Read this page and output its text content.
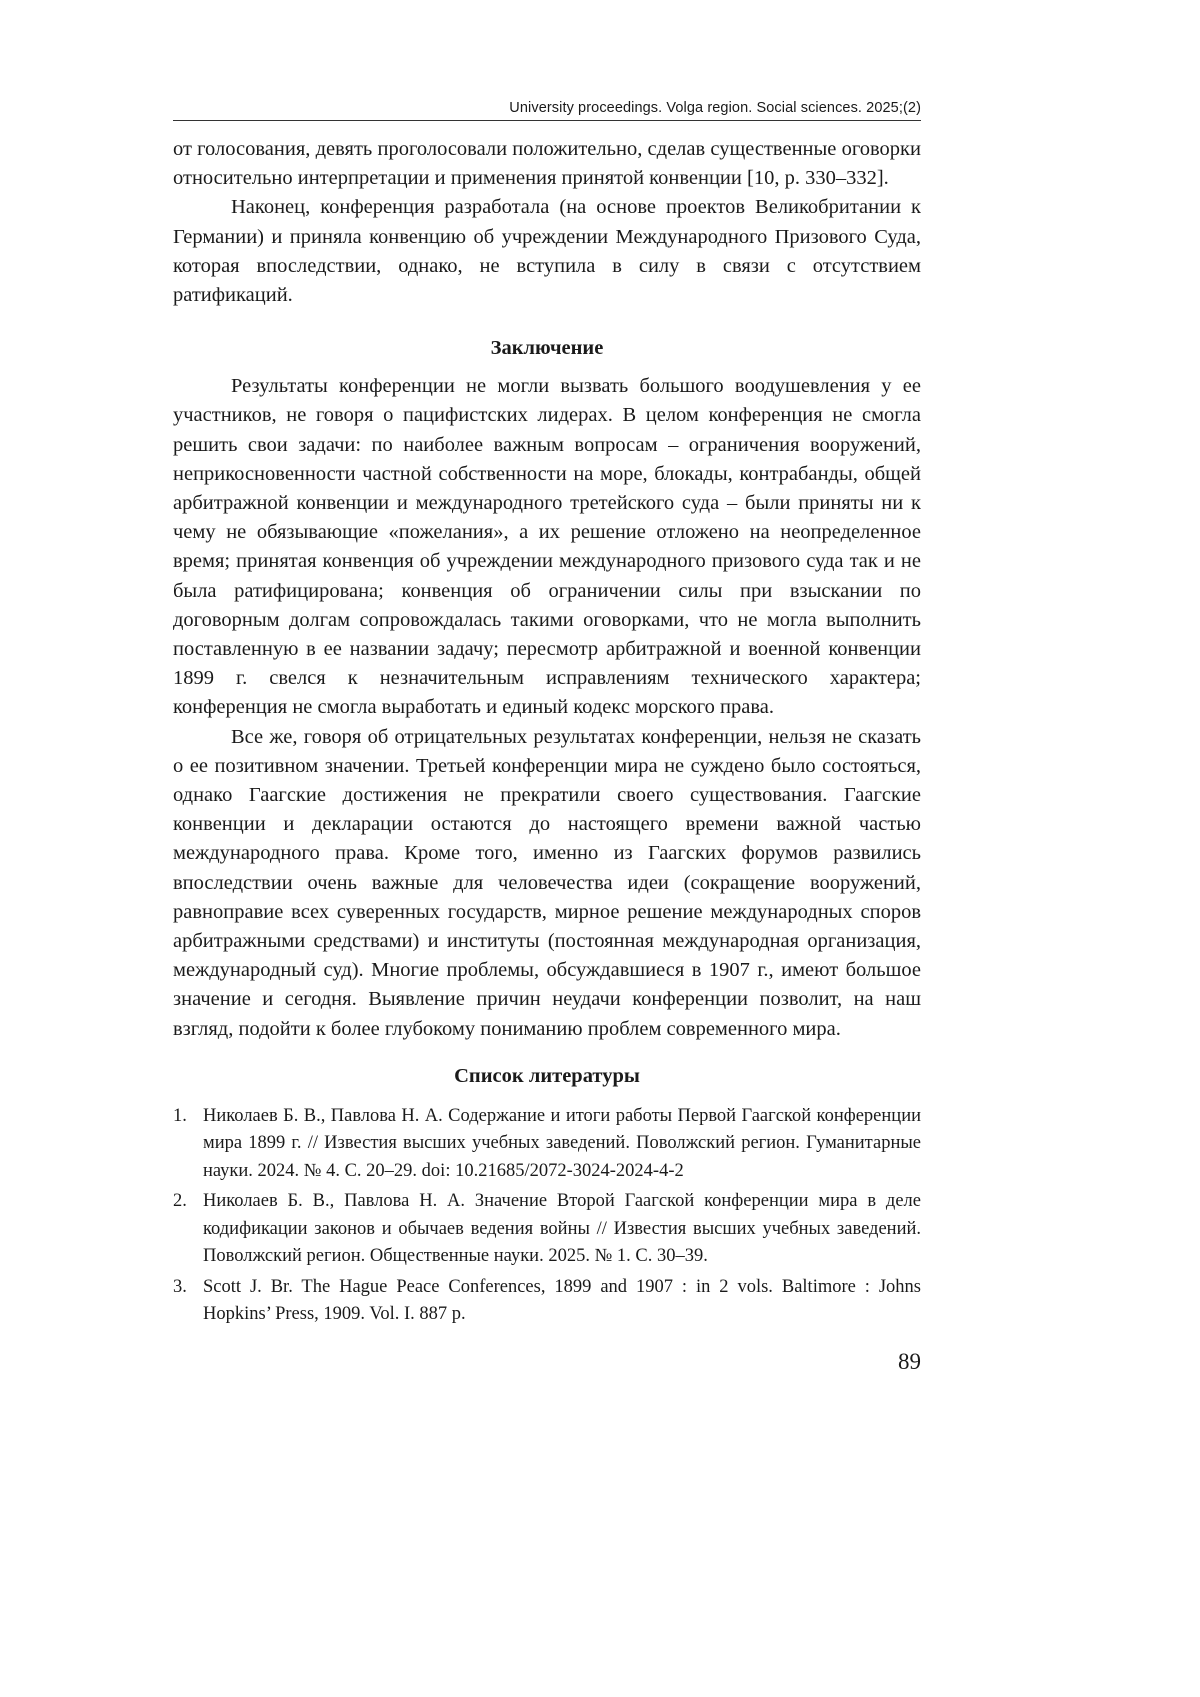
University proceedings. Volga region. Social sciences. 2025;(2)

от голосования, девять проголосовали положительно, сделав существенные оговорки относительно интерпретации и применения принятой конвенции [10, p. 330–332].

Наконец, конференция разработала (на основе проектов Великобритании к Германии) и приняла конвенцию об учреждении Международного Призового Суда, которая впоследствии, однако, не вступила в силу в связи с отсутствием ратификаций.

Заключение

Результаты конференции не могли вызвать большого воодушевления у ее участников, не говоря о пацифистских лидерах. В целом конференция не смогла решить свои задачи: по наиболее важным вопросам – ограничения вооружений, неприкосновенности частной собственности на море, блокады, контрабанды, общей арбитражной конвенции и международного третейского суда – были приняты ни к чему не обязывающие «пожелания», а их решение отложено на неопределенное время; принятая конвенция об учреждении международного призового суда так и не была ратифицирована; конвенция об ограничении силы при взыскании по договорным долгам сопровождалась такими оговорками, что не могла выполнить поставленную в ее названии задачу; пересмотр арбитражной и военной конвенции 1899 г. свелся к незначительным исправлениям технического характера; конференция не смогла выработать и единый кодекс морского права.

Все же, говоря об отрицательных результатах конференции, нельзя не сказать о ее позитивном значении. Третьей конференции мира не суждено было состояться, однако Гаагские достижения не прекратили своего существования. Гаагские конвенции и декларации остаются до настоящего времени важной частью международного права. Кроме того, именно из Гаагских форумов развились впоследствии очень важные для человечества идеи (сокращение вооружений, равноправие всех суверенных государств, мирное решение международных споров арбитражными средствами) и институты (постоянная международная организация, международный суд). Многие проблемы, обсуждавшиеся в 1907 г., имеют большое значение и сегодня. Выявление причин неудачи конференции позволит, на наш взгляд, подойти к более глубокому пониманию проблем современного мира.

Список литературы
1. Николаев Б. В., Павлова Н. А. Содержание и итоги работы Первой Гаагской конференции мира 1899 г. // Известия высших учебных заведений. Поволжский регион. Гуманитарные науки. 2024. № 4. С. 20–29. doi: 10.21685/2072-3024-2024-4-2
2. Николаев Б. В., Павлова Н. А. Значение Второй Гаагской конференции мира в деле кодификации законов и обычаев ведения войны // Известия высших учебных заведений. Поволжский регион. Общественные науки. 2025. № 1. С. 30–39.
3. Scott J. Br. The Hague Peace Conferences, 1899 and 1907 : in 2 vols. Baltimore : Johns Hopkins’ Press, 1909. Vol. I. 887 p.
89
